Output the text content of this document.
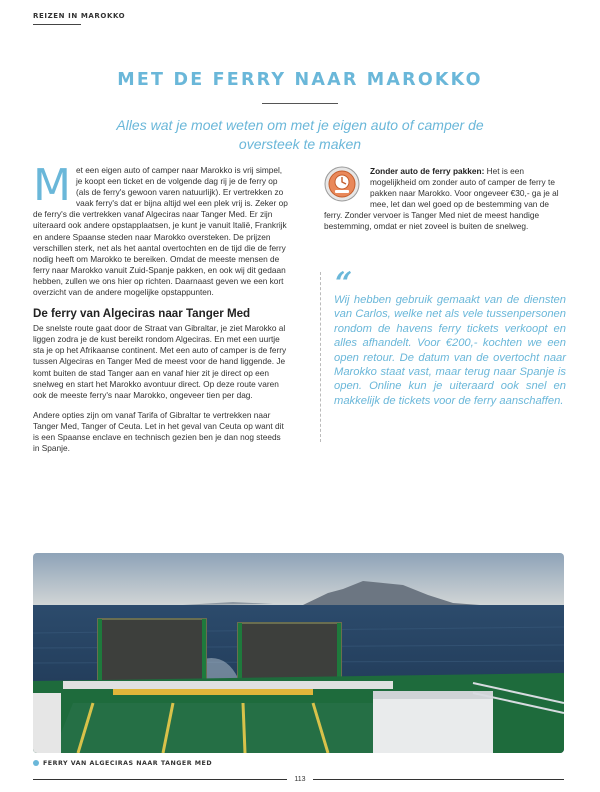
REIZEN IN MAROKKO
MET DE FERRY NAAR MAROKKO
Alles wat je moet weten om met je eigen auto of camper de oversteek te maken

Met een eigen auto of camper naar Marokko is vrij simpel, je koopt een ticket en de volgende dag rij je de ferry op (als de ferry's gewoon varen natuurlijk). Er vertrekken zo vaak ferry's dat er bijna altijd wel een plek vrij is. Zeker op de ferry's die vertrekken vanaf Algeciras naar Tanger Med. Er zijn uiteraard ook andere opstapplaatsen, je kunt je vanuit Italië, Frankrijk en andere Spaanse steden naar Marokko oversteken. De prijzen verschillen sterk, net als het aantal overtochten en de tijd die de ferry nodig heeft om Marokko te bereiken. Omdat de meeste mensen de ferry naar Marokko vanuit Zuid-Spanje pakken, en ook wij dit gedaan hebben, zullen we ons hier op richten. Daarnaast geven we een kort overzicht van de andere mogelijke opstappunten.

De ferry van Algeciras naar Tanger Med

De snelste route gaat door de Straat van Gibraltar, je ziet Marokko al liggen zodra je de kust bereikt rondom Algeciras. En met een uurtje sta je op het Afrikaanse continent. Met een auto of camper is de ferry tussen Algeciras en Tanger Med de meest voor de hand liggende. Je komt buiten de stad Tanger aan en vanaf hier zit je direct op een snelweg en start het Marokko avontuur direct. Op deze route varen ook de meeste ferry's naar Marokko, ongeveer tien per dag.

Andere opties zijn om vanaf Tarifa of Gibraltar te vertrekken naar Tanger Med, Tanger of Ceuta. Let in het geval van Ceuta op want dit is een Spaanse enclave en technisch gezien ben je dan nog steeds in Spanje.

Zonder auto de ferry pakken: Het is een mogelijkheid om zonder auto of camper de ferry te pakken naar Marokko. Voor ongeveer €30,- ga je al mee, let dan wel goed op de bestemming van de ferry. Zonder vervoer is Tanger Med niet de meest handige bestemming, omdat er niet zoveel is buiten de snelweg.

“
Wij hebben gebruik gemaakt van de diensten van Carlos, welke net als vele tussenpersonen rondom de havens ferry tickets verkoopt en alles afhandelt. Voor €200,- kochten we een open retour. De datum van de overtocht naar Marokko staat vast, maar terug naar Spanje is open. Online kun je uiteraard ook snel en makkelijk de tickets voor de ferry aanschaffen.
FERRY VAN ALGECIRAS NAAR TANGER MED
113
